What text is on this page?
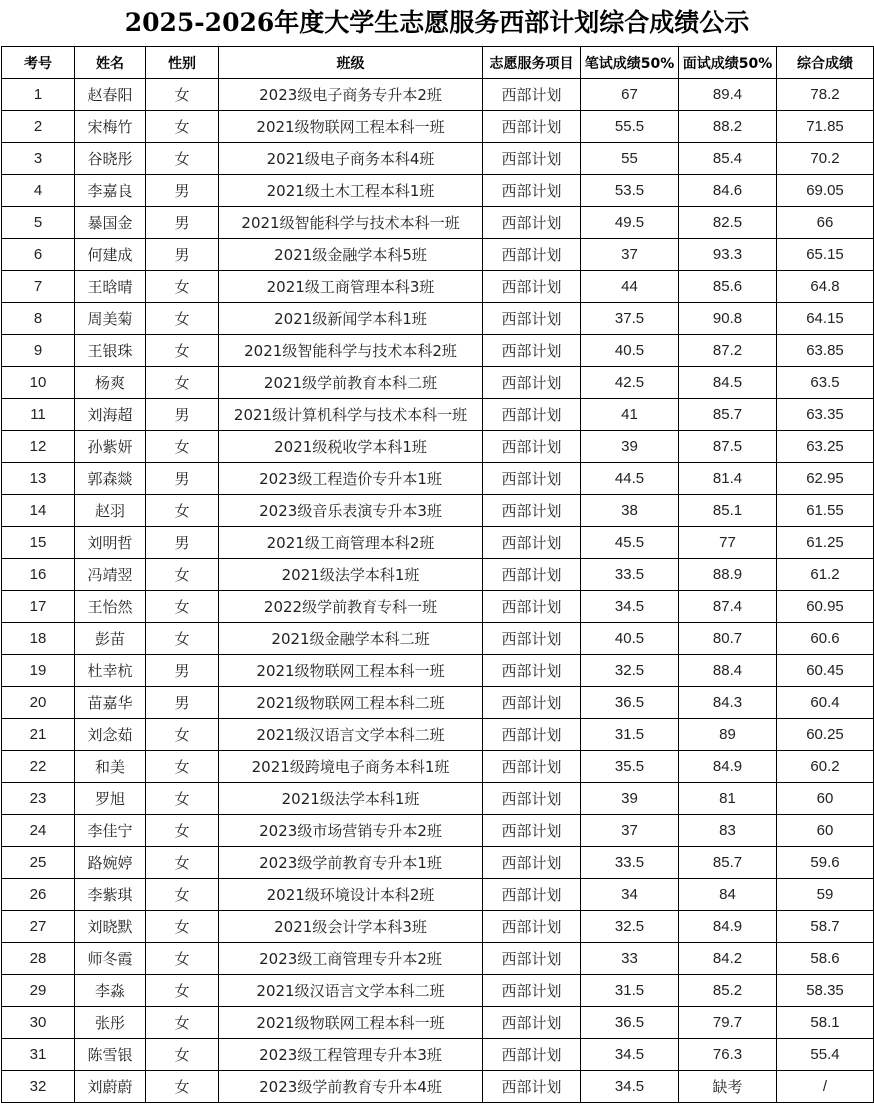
2025-2026年度大学生志愿服务西部计划综合成绩公示
考号	姓名	性别	班级	志愿服务项目	笔试成绩50%	面试成绩50%	综合成绩
1	赵春阳	女	2023级电子商务专升本2班	西部计划	67	89.4	78.2
2	宋梅竹	女	2021级物联网工程本科一班	西部计划	55.5	88.2	71.85
3	谷晓彤	女	2021级电子商务本科4班	西部计划	55	85.4	70.2
4	李嘉良	男	2021级土木工程本科1班	西部计划	53.5	84.6	69.05
5	暴国金	男	2021级智能科学与技术本科一班	西部计划	49.5	82.5	66
6	何建成	男	2021级金融学本科5班	西部计划	37	93.3	65.15
7	王晗晴	女	2021级工商管理本科3班	西部计划	44	85.6	64.8
8	周美菊	女	2021级新闻学本科1班	西部计划	37.5	90.8	64.15
9	王银珠	女	2021级智能科学与技术本科2班	西部计划	40.5	87.2	63.85
10	杨爽	女	2021级学前教育本科二班	西部计划	42.5	84.5	63.5
11	刘海超	男	2021级计算机科学与技术本科一班	西部计划	41	85.7	63.35
12	孙紫妍	女	2021级税收学本科1班	西部计划	39	87.5	63.25
13	郭森燚	男	2023级工程造价专升本1班	西部计划	44.5	81.4	62.95
14	赵羽	女	2023级音乐表演专升本3班	西部计划	38	85.1	61.55
15	刘明哲	男	2021级工商管理本科2班	西部计划	45.5	77	61.25
16	冯靖翌	女	2021级法学本科1班	西部计划	33.5	88.9	61.2
17	王怡然	女	2022级学前教育专科一班	西部计划	34.5	87.4	60.95
18	彭苗	女	2021级金融学本科二班	西部计划	40.5	80.7	60.6
19	杜幸杭	男	2021级物联网工程本科一班	西部计划	32.5	88.4	60.45
20	苗嘉华	男	2021级物联网工程本科二班	西部计划	36.5	84.3	60.4
21	刘念茹	女	2021级汉语言文学本科二班	西部计划	31.5	89	60.25
22	和美	女	2021级跨境电子商务本科1班	西部计划	35.5	84.9	60.2
23	罗旭	女	2021级法学本科1班	西部计划	39	81	60
24	李佳宁	女	2023级市场营销专升本2班	西部计划	37	83	60
25	路婉婷	女	2023级学前教育专升本1班	西部计划	33.5	85.7	59.6
26	李紫琪	女	2021级环境设计本科2班	西部计划	34	84	59
27	刘晓默	女	2021级会计学本科3班	西部计划	32.5	84.9	58.7
28	师冬霞	女	2023级工商管理专升本2班	西部计划	33	84.2	58.6
29	李淼	女	2021级汉语言文学本科二班	西部计划	31.5	85.2	58.35
30	张彤	女	2021级物联网工程本科一班	西部计划	36.5	79.7	58.1
31	陈雪银	女	2023级工程管理专升本3班	西部计划	34.5	76.3	55.4
32	刘蔚蔚	女	2023级学前教育专升本4班	西部计划	34.5	缺考	/
